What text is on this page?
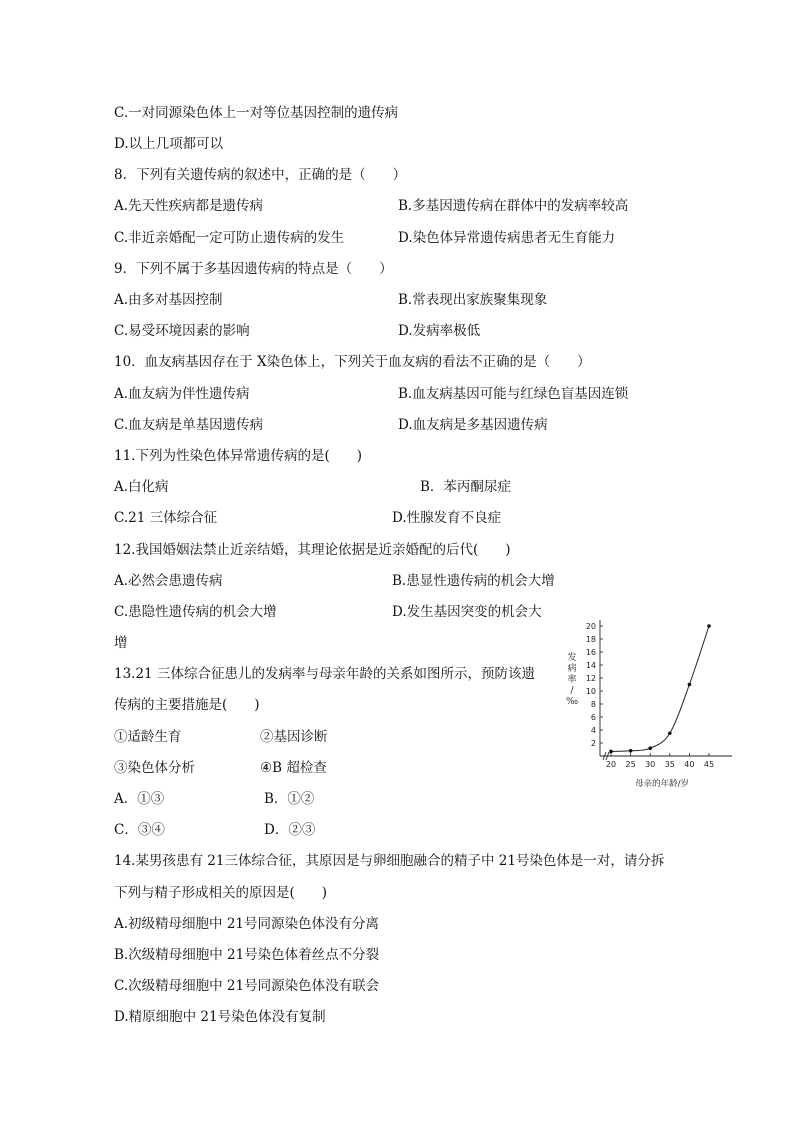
C.一对同源染色体上一对等位基因控制的遗传病
D.以上几项都可以
8．下列有关遗传病的叙述中，正确的是（　　）
A.先天性疾病都是遗传病	B.多基因遗传病在群体中的发病率较高
C.非近亲婚配一定可防止遗传病的发生	D.染色体异常遗传病患者无生育能力
9．下列不属于多基因遗传病的特点是（　　）
A.由多对基因控制	B.常表现出家族聚集现象
C.易受环境因素的影响	D.发病率极低
10．血友病基因存在于 X染色体上，下列关于血友病的看法不正确的是（　　）
A.血友病为伴性遗传病	B.血友病基因可能与红绿色盲基因连锁
C.血友病是单基因遗传病	D.血友病是多基因遗传病
11.下列为性染色体异常遗传病的是(　　)
A.白化病	B．苯丙酮尿症
C.21 三体综合征	D.性腺发育不良症
12.我国婚姻法禁止近亲结婚，其理论依据是近亲婚配的后代(　　)
A.必然会患遗传病	B.患显性遗传病的机会大增
C.患隐性遗传病的机会大增	D.发生基因突变的机会大
增
13.21 三体综合征患儿的发病率与母亲年龄的关系如图所示，预防该遗
传病的主要措施是(　　)
①适龄生育	②基因诊断
③染色体分析	④B 超检查
A．①③	B．①②
C．③④	D．②③
14.某男孩患有 21三体综合征，其原因是与卵细胞融合的精子中 21号染色体是一对，请分拆
下列与精子形成相关的原因是(　　)
A.初级精母细胞中 21号同源染色体没有分离
B.次级精母细胞中 21号染色体着丝点不分裂
C.次级精母细胞中 21号同源染色体没有联会
D.精原细胞中 21号染色体没有复制
2
4
6
8
10
12
14
16
18
20
20 25 30 35 40 45
母亲的年龄/岁
发
病
率
/
‰
